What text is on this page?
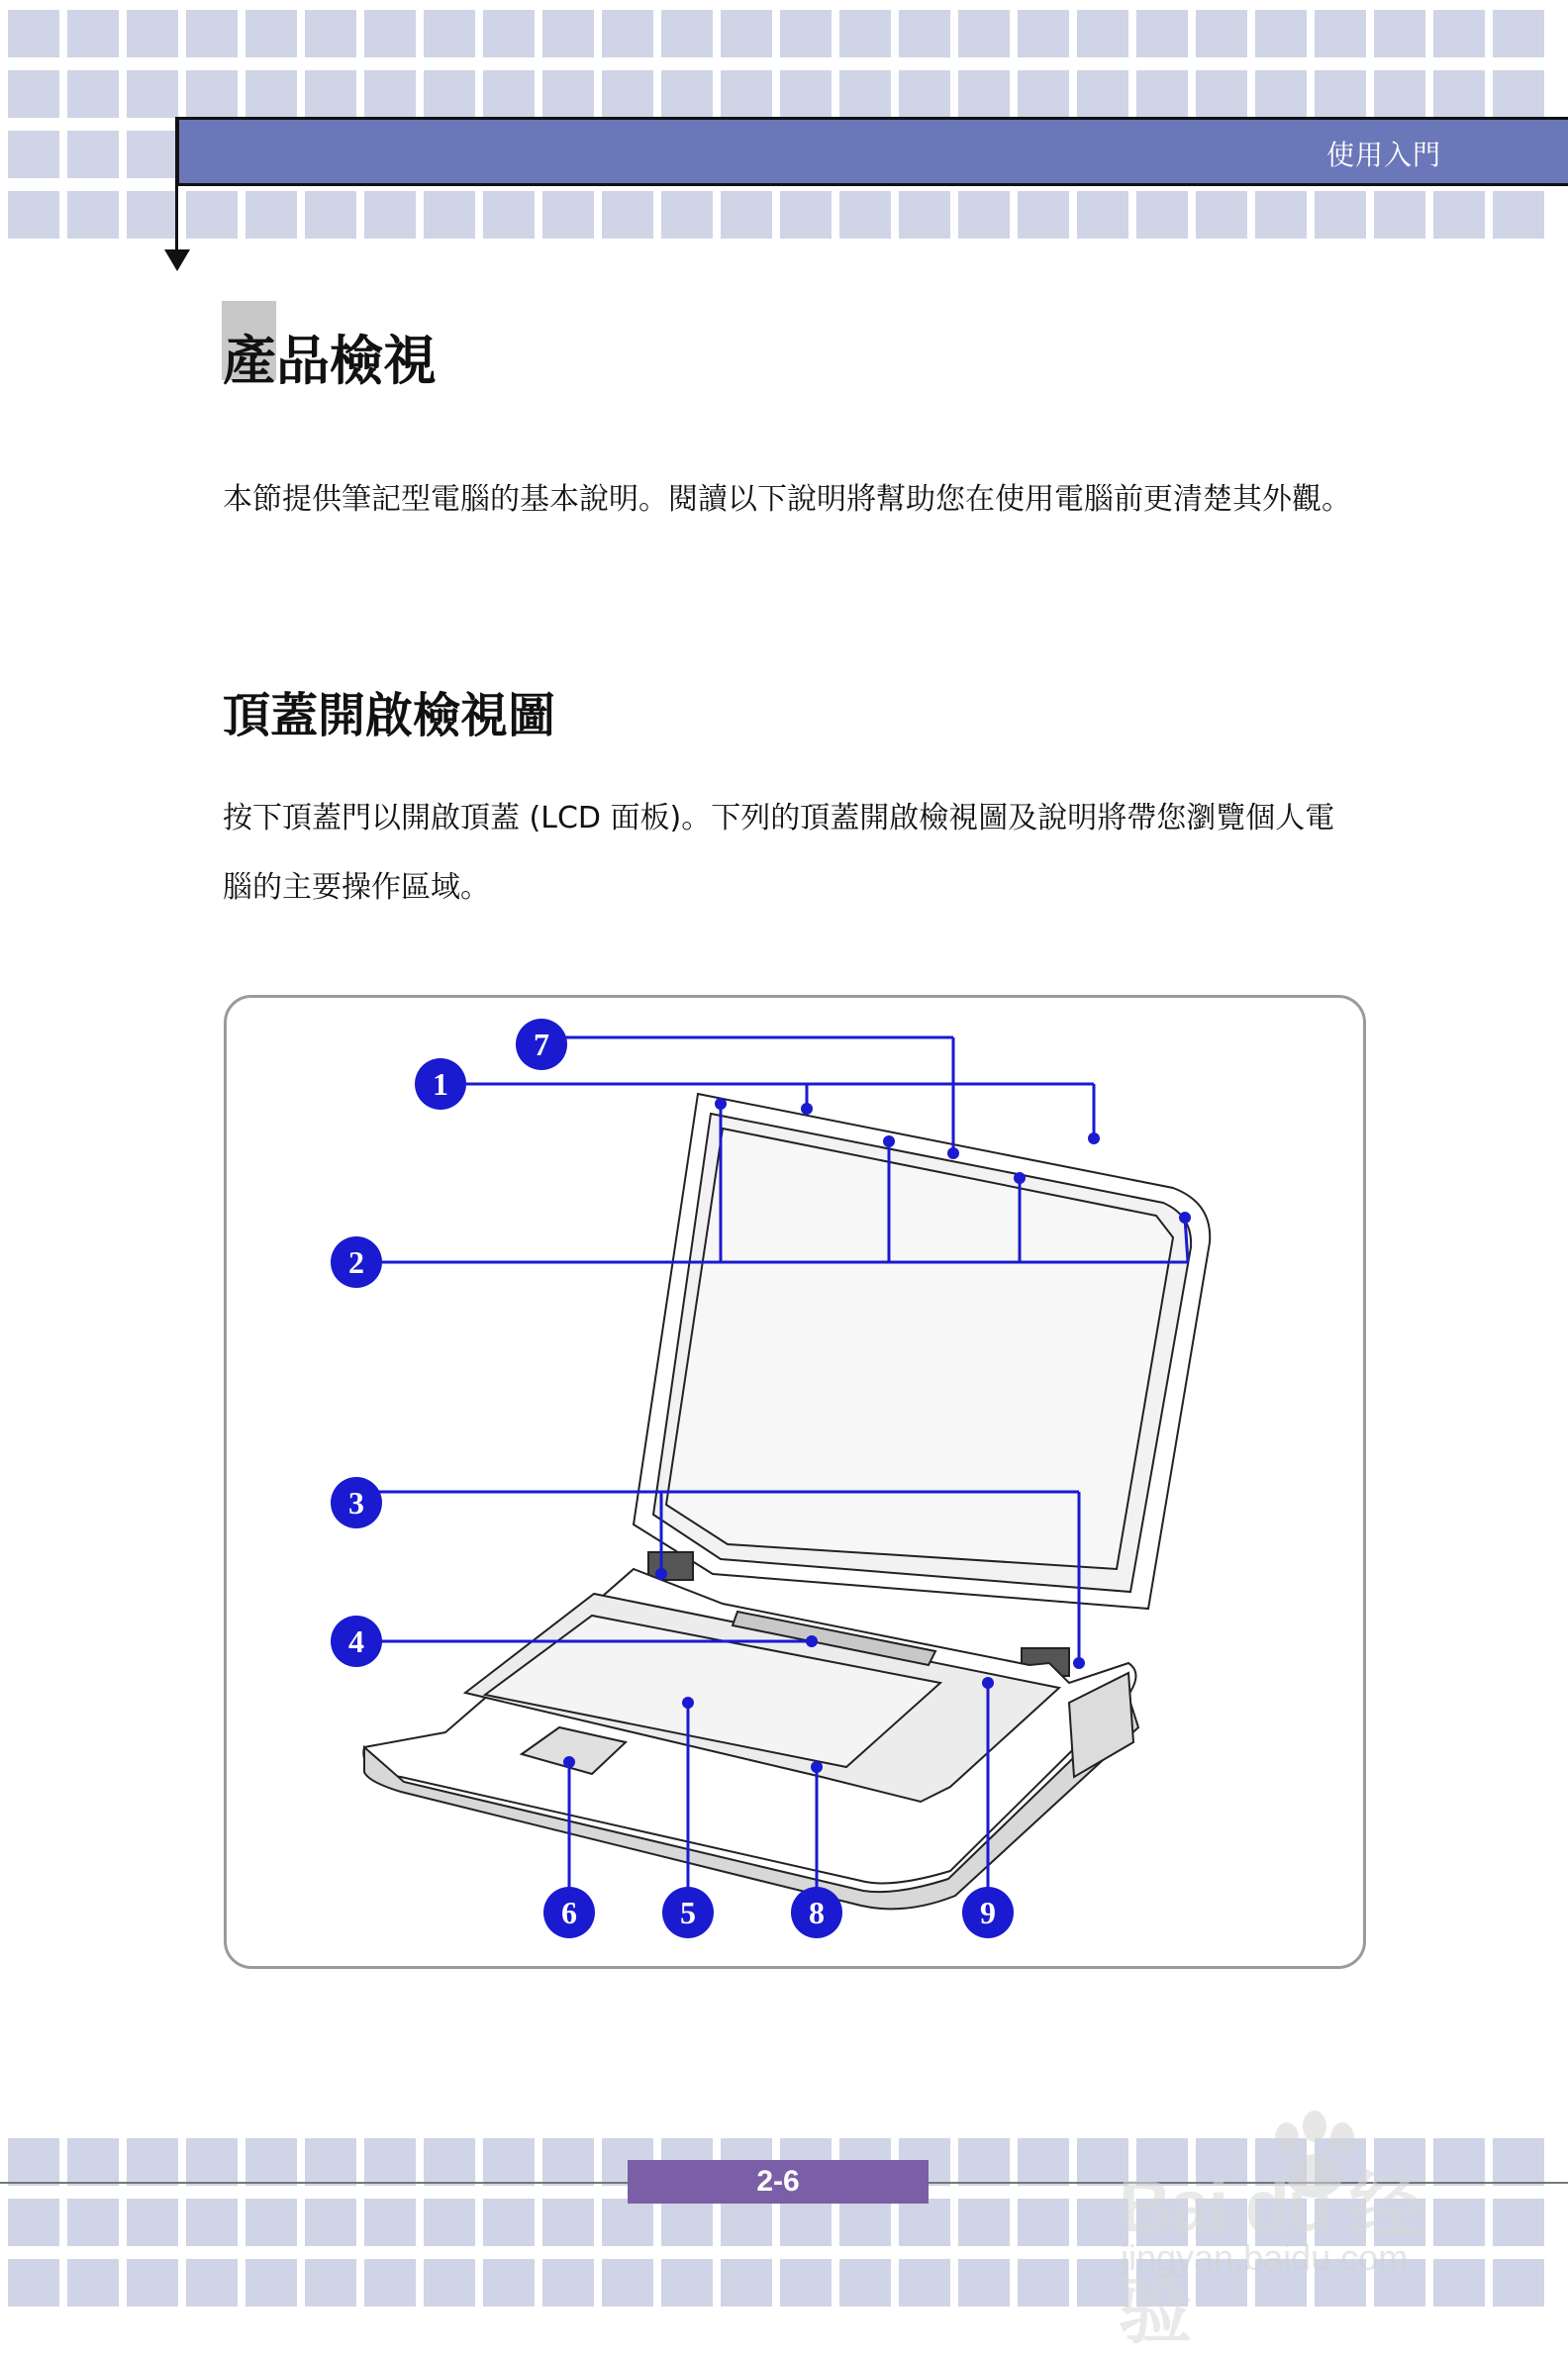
使用入門
產品檢視

本節提供筆記型電腦的基本說明。閱讀以下說明將幫助您在使用電腦前更清楚其外觀。

頂蓋開啟檢視圖

按下頂蓋門以開啟頂蓋 (LCD 面板)。下列的頂蓋開啟檢視圖及說明將帶您瀏覽個人電腦的主要操作區域。

7
1
2
3
4
6	5	8	9
2-6	Bai du 经验
jingyan.baidu.com
